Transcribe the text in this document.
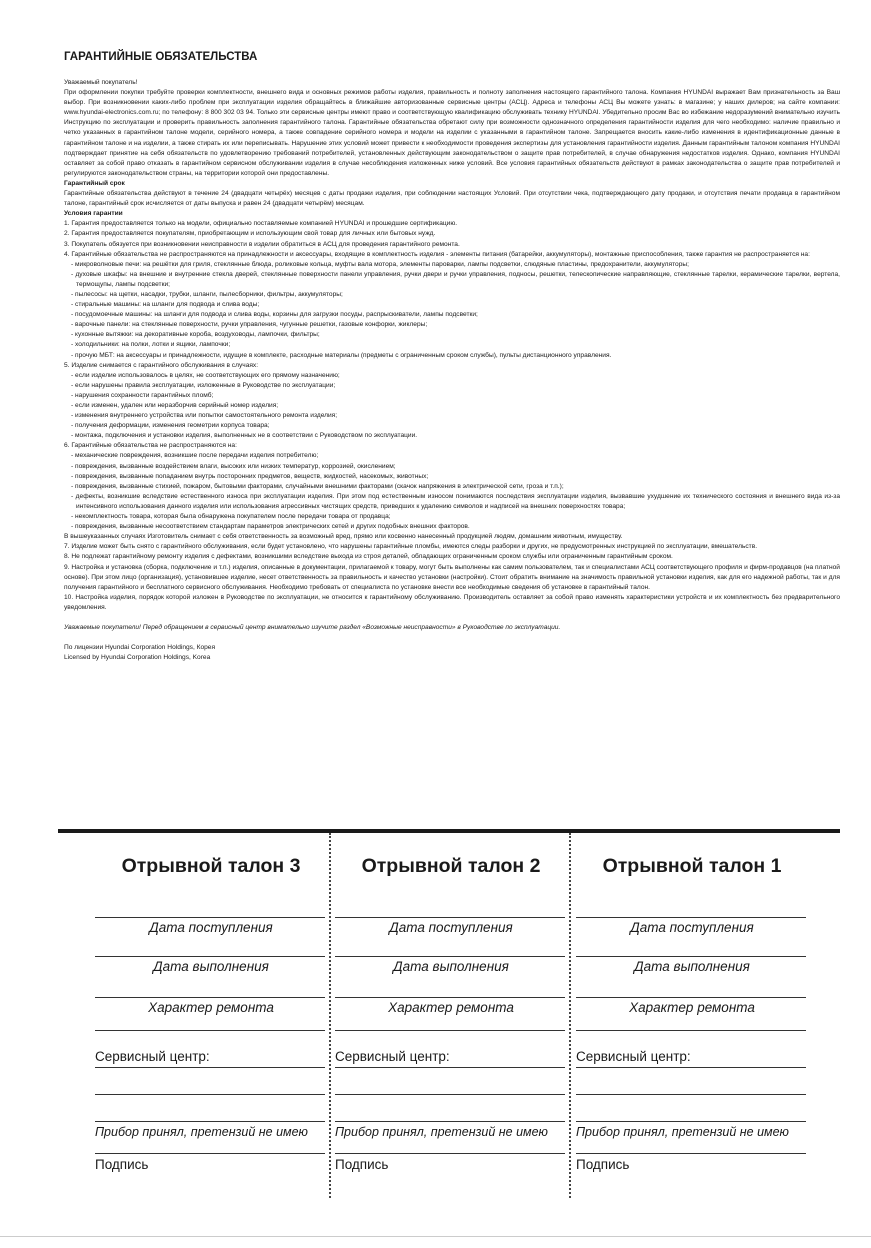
ГАРАНТИЙНЫЕ ОБЯЗАТЕЛЬСТВА

Уважаемый покупатель!

При оформлении покупки требуйте проверки комплектности, внешнего вида и основных режимов работы изделия, правильность и полноту заполнения настоящего гарантийного талона. Компания HYUNDAI выражает Вам признательность за Ваш выбор. При возникновении каких-либо проблем при эксплуатации изделия обращайтесь в ближайшие авторизованные сервисные центры (АСЦ). Адреса и телефоны АСЦ Вы можете узнать: в магазине; у наших дилеров; на сайте компании: www.hyundai-electronics.com.ru; по телефону: 8 800 302 03 94. Только эти сервисные центры имеют право и соответствующую квалификацию обслуживать технику HYUNDAI. Убедительно просим Вас во избежание недоразумений внимательно изучить Инструкцию по эксплуатации и проверить правильность заполнения гарантийного талона. Гарантийные обязательства обретают силу при возможности однозначного определения гарантийности изделия для чего необходимо: наличие правильно и четко указанных в гарантийном талоне модели, серийного номера, а также совпадение серийного номера и модели на изделии с указанными в гарантийном талоне. Запрещается вносить какие-либо изменения в идентификационные данные в гарантийном талоне и на изделии, а также стирать их или переписывать. Нарушение этих условий может привести к необходимости проведения экспертизы для установления гарантийности изделия. Данным гарантийным талоном компания HYUNDAI подтверждает принятие на себя обязательств по удовлетворению требований потребителей, установленных действующим законодательством о защите прав потребителей, в случае обнаружения недостатков изделия. Однако, компания HYUNDAI оставляет за собой право отказать в гарантийном сервисном обслуживании изделия в случае несоблюдения изложенных ниже условий. Все условия гарантийных обязательств действуют в рамках законодательства о защите прав потребителей и регулируются законодательством страны, на территории которой они предоставлены.

Гарантийный срок

Гарантийные обязательства действуют в течение 24 (двадцати четырёх) месяцев с даты продажи изделия, при соблюдении настоящих Условий. При отсутствии чека, подтверждающего дату продажи, и отсутствия печати продавца в гарантийном талоне, гарантийный срок исчисляется от даты выпуска и равен 24 (двадцати четырём) месяцам.

Условия гарантии

1. Гарантия предоставляется только на модели, официально поставляемые компанией HYUNDAI и прошедшие сертификацию.

2. Гарантия предоставляется покупателям, приобретающим и использующим свой товар для личных или бытовых нужд.

3. Покупатель обязуется при возникновении неисправности в изделии обратиться в АСЦ для проведения гарантийного ремонта.

4. Гарантийные обязательства не распространяются на принадлежности и аксессуары, входящие в комплектность изделия - элементы питания (батарейки, аккумуляторы), монтажные приспособления, также гарантия не распространяется на:

- микроволновые печи: на решётки для гриля, стеклянные блюда, роликовые кольца, муфты вала мотора, элементы пароварки, лампы подсветки, слюдяные пластины, предохранители, аккумуляторы;

- духовые шкафы: на внешние и внутренние стекла дверей, стеклянные поверхности панели управления, ручки двери и ручки управления, подносы, решетки, телескопические направляющие, стеклянные тарелки, керамические тарелки, вертела, термощупы, лампы подсветки;

- пылесосы: на щетки, насадки, трубки, шланги, пылесборники, фильтры, аккумуляторы;

- стиральные машины: на шланги для подвода и слива воды;

- посудомоечные машины: на шланги для подвода и слива воды, корзины для загрузки посуды, распрыскиватели, лампы подсветки;

- варочные панели: на стеклянные поверхности, ручки управления, чугунные решетки, газовые конфорки, жиклеры;

- кухонные вытяжки: на декоративные короба, воздуховоды, лампочки, фильтры;

- холодильники: на полки, лотки и ящики, лампочки;

- прочую МБТ: на аксессуары и принадлежности, идущие в комплекте, расходные материалы (предметы с ограниченным сроком службы), пульты дистанционного управления.

5. Изделие снимается с гарантийного обслуживания в случаях:

- если изделие использовалось в целях, не соответствующих его прямому назначению;

- если нарушены правила эксплуатации, изложенные в Руководстве по эксплуатации;

- нарушения сохранности гарантийных пломб;

- если изменен, удален или неразборчив серийный номер изделия;

- изменения внутреннего устройства или попытки самостоятельного ремонта изделия;

- получения деформации, изменения геометрии корпуса товара;

- монтажа, подключения и установки изделия, выполненных не в соответствии с Руководством по эксплуатации.

6. Гарантийные обязательства не распространяются на:

- механические повреждения, возникшие после передачи изделия потребителю;

- повреждения, вызванные воздействием влаги, высоких или низких температур, коррозией, окислением;

- повреждения, вызванные попаданием внутрь посторонних предметов, веществ, жидкостей, насекомых, животных;

- повреждения, вызванные стихией, пожаром, бытовыми факторами, случайными внешними факторами (скачок напряжения в электрической сети, гроза и т.п.);

- дефекты, возникшие вследствие естественного износа при эксплуатации изделия. При этом под естественным износом понимаются последствия эксплуатации изделия, вызвавшие ухудшение их технического состояния и внешнего вида из-за интенсивного использования данного изделия или использования агрессивных чистящих средств, приведших к удалению символов и надписей на внешних поверхностях товара;

- некомплектность товара, которая была обнаружена покупателем после передачи товара от продавца;

- повреждения, вызванные несоответствием стандартам параметров электрических сетей и других подобных внешних факторов.

В вышеуказанных случаях Изготовитель снимает с себя ответственность за возможный вред, прямо или косвенно нанесенный продукцией людям, домашним животным, имуществу.

7. Изделие может быть снято с гарантийного обслуживания, если будет установлено, что нарушены гарантийные пломбы, имеются следы разборки и других, не предусмотренных инструкцией по эксплуатации, вмешательств.

8. Не подлежат гарантийному ремонту изделия с дефектами, возникшими вследствие выхода из строя деталей, обладающих ограниченным сроком службы или ограниченным гарантийным сроком.

9. Настройка и установка (сборка, подключение и т.п.) изделия, описанные в документации, прилагаемой к товару, могут быть выполнены как самим пользователем, так и специалистами АСЦ соответствующего профиля и фирм-продавцов (на платной основе). При этом лицо (организация), установившее изделие, несет ответственность за правильность и качество установки (настройки). Стоит обратить внимание на значимость правильной установки изделия, как для его надежной работы, так и для получения гарантийного и бесплатного сервисного обслуживания. Необходимо требовать от специалиста по установке внести все необходимые сведения об установке в гарантийный талон.

10. Настройка изделия, порядок которой изложен в Руководстве по эксплуатации, не относится к гарантийному обслуживанию. Производитель оставляет за собой право изменять характеристики устройств и их комплектность без предварительного уведомления.

Уважаемые покупатели! Перед обращением в сервисный центр внимательно изучите раздел «Возможные неисправности» в Руководстве по эксплуатации.

По лицензии Hyundai Corporation Holdings, Корея

Licensed by Hyundai Corporation Holdings, Korea

Отрывной талон 3
Дата поступления
Дата выполнения
Характер ремонта
Сервисный центр:
Прибор принял, претензий не имею
Подпись
Отрывной талон 2
Дата поступления
Дата выполнения
Характер ремонта
Сервисный центр:
Прибор принял, претензий не имею
Подпись
Отрывной талон 1
Дата поступления
Дата выполнения
Характер ремонта
Сервисный центр:
Прибор принял, претензий не имею
Подпись
